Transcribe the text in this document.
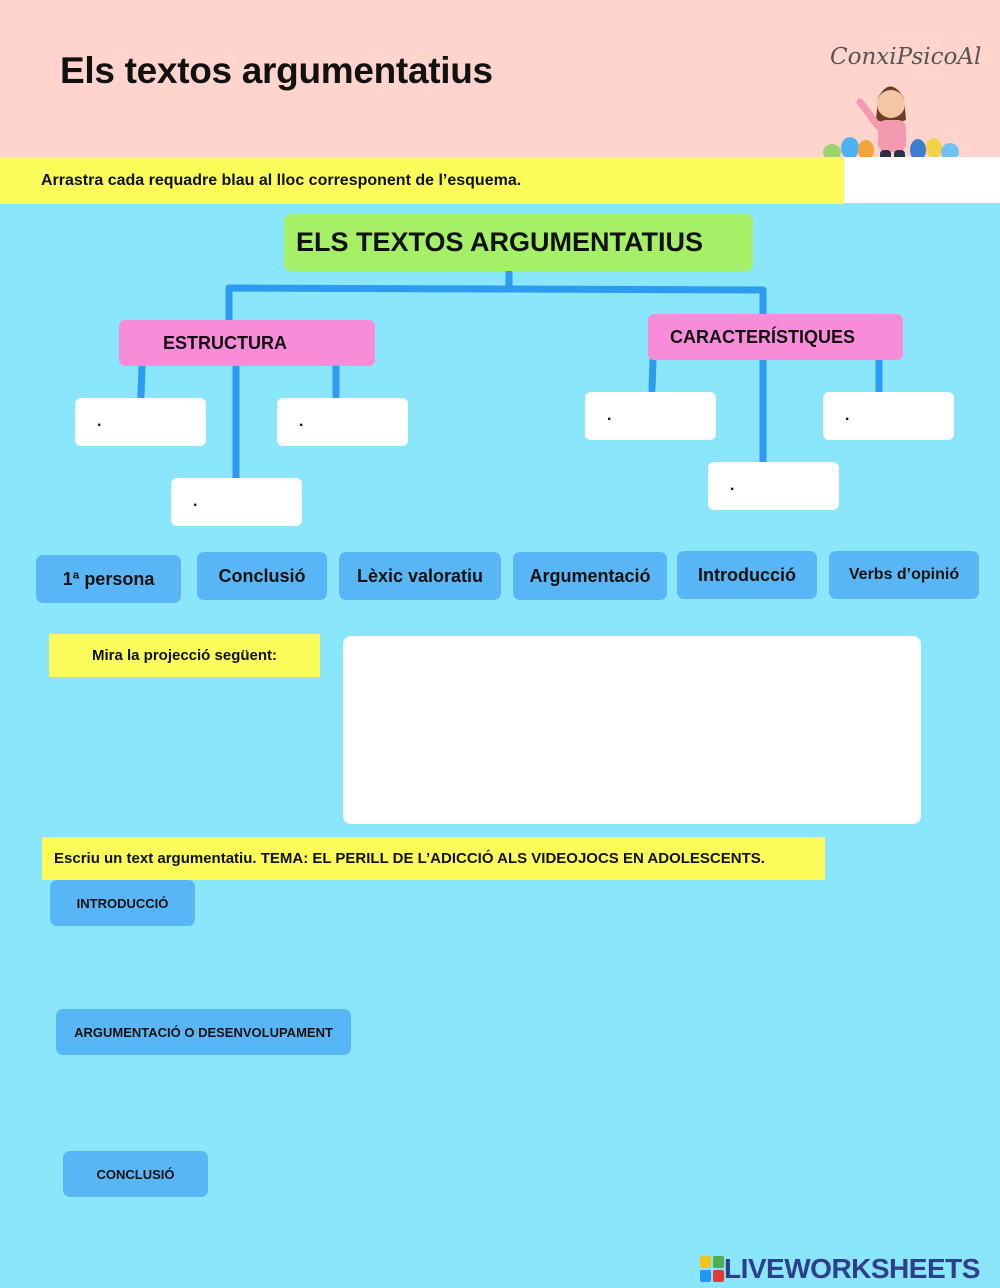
Els textos argumentatius	ConxiPsicoAl
Arrastra cada requadre blau al lloc corresponent de l’esquema.
ELS TEXTOS ARGUMENTATIUS
ESTRUCTURA	CARACTERÍSTIQUES
.
.
.	.
.
.
1ª persona	Conclusió	Lèxic valoratiu	Argumentació	Introducció	Verbs d’opinió
Mira la projecció següent:
Escriu un text argumentatiu. TEMA: EL PERILL DE L’ADICCIÓ ALS VIDEOJOCS EN ADOLESCENTS.
INTRODUCCIÓ
ARGUMENTACIÓ O DESENVOLUPAMENT
CONCLUSIÓ
LIVEWORKSHEETS
